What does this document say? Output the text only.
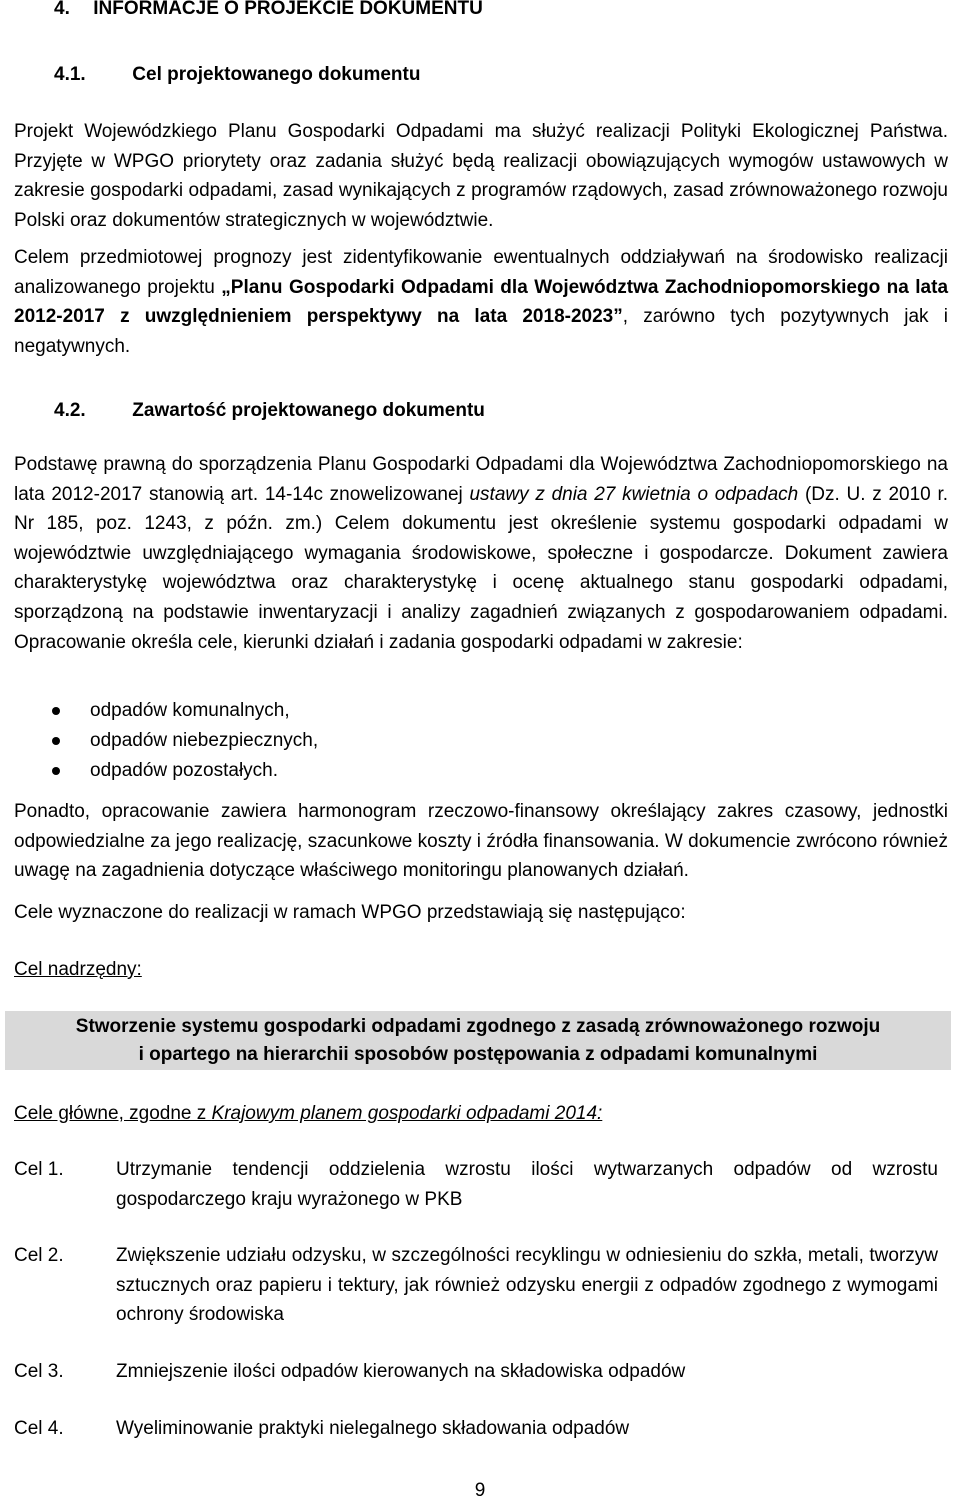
4. INFORMACJE O PROJEKCIE DOKUMENTU
4.1. Cel projektowanego dokumentu

Projekt Wojewódzkiego Planu Gospodarki Odpadami ma służyć realizacji Polityki Ekologicznej Państwa. Przyjęte w WPGO priorytety oraz zadania służyć będą realizacji obowiązujących wymogów ustawowych w zakresie gospodarki odpadami, zasad wynikających z programów rządowych, zasad zrównoważonego rozwoju Polski oraz dokumentów strategicznych w województwie.

Celem przedmiotowej prognozy jest zidentyfikowanie ewentualnych oddziaływań na środowisko realizacji analizowanego projektu „Planu Gospodarki Odpadami dla Województwa Zachodniopomorskiego na lata 2012-2017 z uwzględnieniem perspektywy na lata 2018-2023”, zarówno tych pozytywnych jak i negatywnych.

4.2. Zawartość projektowanego dokumentu

Podstawę prawną do sporządzenia Planu Gospodarki Odpadami dla Województwa Zachodniopomorskiego na lata 2012-2017 stanowią art. 14-14c znowelizowanej ustawy z dnia 27 kwietnia o odpadach (Dz. U. z 2010 r. Nr 185, poz. 1243, z późn. zm.) Celem dokumentu jest określenie systemu gospodarki odpadami w województwie uwzględniającego wymagania środowiskowe, społeczne i gospodarcze. Dokument zawiera charakterystykę województwa oraz charakterystykę i ocenę aktualnego stanu gospodarki odpadami, sporządzoną na podstawie inwentaryzacji i analizy zagadnień związanych z gospodarowaniem odpadami. Opracowanie określa cele, kierunki działań i zadania gospodarki odpadami w zakresie:

odpadów komunalnych,
odpadów niebezpiecznych,
odpadów pozostałych.

Ponadto, opracowanie zawiera harmonogram rzeczowo-finansowy określający zakres czasowy, jednostki odpowiedzialne za jego realizację, szacunkowe koszty i źródła finansowania. W dokumencie zwrócono również uwagę na zagadnienia dotyczące właściwego monitoringu planowanych działań.

Cele wyznaczone do realizacji w ramach WPGO przedstawiają się następująco:

Cel nadrzędny:
Stworzenie systemu gospodarki odpadami zgodnego z zasadą zrównoważonego rozwoju
i opartego na hierarchii sposobów postępowania z odpadami komunalnymi
Cele główne, zgodne z Krajowym planem gospodarki odpadami 2014:
Cel 1.	Utrzymanie tendencji oddzielenia wzrostu ilości wytwarzanych odpadów od wzrostu gospodarczego kraju wyrażonego w PKB
Cel 2.	Zwiększenie udziału odzysku, w szczególności recyklingu w odniesieniu do szkła, metali, tworzyw sztucznych oraz papieru i tektury, jak również odzysku energii z odpadów zgodnego z wymogami ochrony środowiska
Cel 3.	Zmniejszenie ilości odpadów kierowanych na składowiska odpadów
Cel 4.	Wyeliminowanie praktyki nielegalnego składowania odpadów
9
